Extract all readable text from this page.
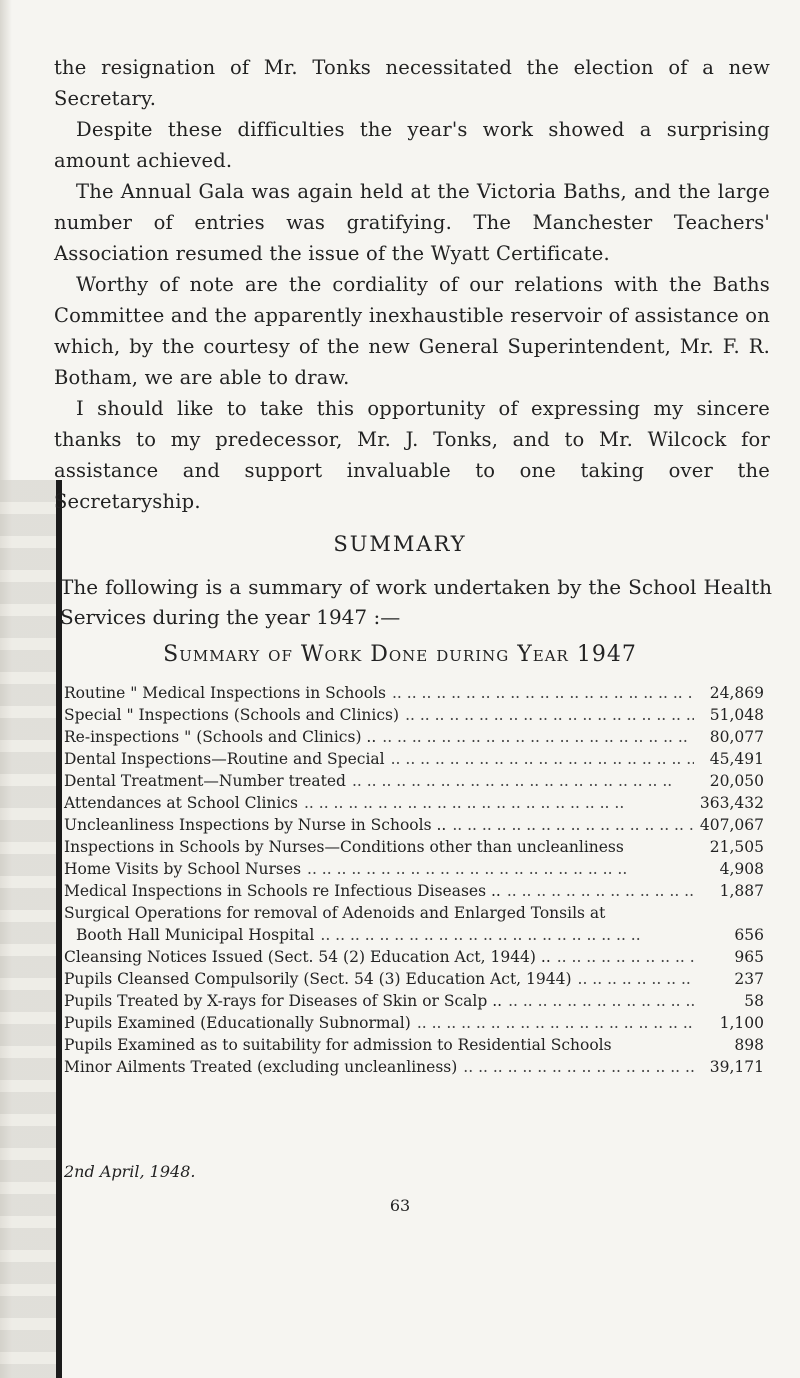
the resignation of Mr. Tonks necessitated the election of a new Secretary.

Despite these difficulties the year's work showed a surprising amount achieved.

The Annual Gala was again held at the Victoria Baths, and the large number of entries was gratifying. The Manchester Teachers' Association resumed the issue of the Wyatt Certificate.

Worthy of note are the cordiality of our relations with the Baths Committee and the apparently inexhaustible reservoir of assistance on which, by the courtesy of the new General Superintendent, Mr. F. R. Botham, we are able to draw.

I should like to take this opportunity of expressing my sincere thanks to my predecessor, Mr. J. Tonks, and to Mr. Wilcock for assistance and support invaluable to one taking over the Secretaryship.

SUMMARY
The following is a summary of work undertaken by the School Health Services during the year 1947 :—
Summary of Work Done during Year 1947
Routine " Medical Inspections in Schools .. ..	24,869
Special " Inspections (Schools and Clinics) .. ..	51,048
Re-inspections " (Schools and Clinics) .. .. ..	80,077
Dental Inspections—Routine and Special .. ..	45,491
Dental Treatment—Number treated .. ..	20,050
Attendances at School Clinics .. ..	363,432
Uncleanliness Inspections by Nurse in Schools .. .. ..	407,067
Inspections in Schools by Nurses—Conditions other than uncleanliness	21,505
Home Visits by School Nurses .. ..	4,908
Medical Inspections in Schools re Infectious Diseases .. .. ..	1,887
Surgical Operations for removal of Adenoids and Enlarged Tonsils at
Booth Hall Municipal Hospital .. ..	656
Cleansing Notices Issued (Sect. 54 (2) Education Act, 1944) .. .. ..	965
Pupils Cleansed Compulsorily (Sect. 54 (3) Education Act, 1944) .. ..	237
Pupils Treated by X-rays for Diseases of Skin or Scalp .. .. ..	58
Pupils Examined (Educationally Subnormal) .. ..	1,100
Pupils Examined as to suitability for admission to Residential Schools	898
Minor Ailments Treated (excluding uncleanliness) .. ..	39,171
2nd April, 1948.
63
